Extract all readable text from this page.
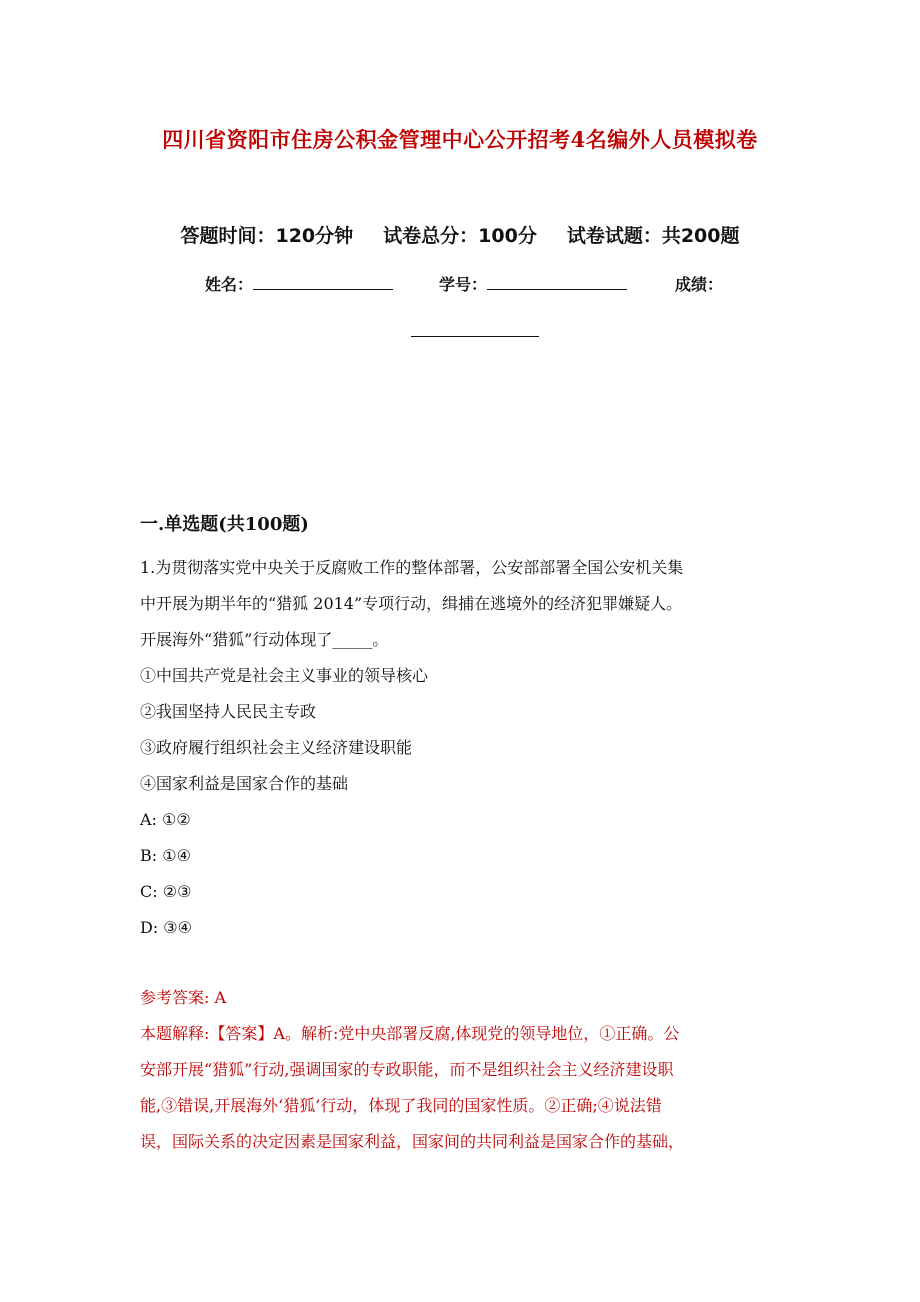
四川省资阳市住房公积金管理中心公开招考4名编外人员模拟卷
答题时间：120分钟 试卷总分：100分 试卷试题：共200题
姓名：	学号：	成绩：
一.单选题(共100题)
1.为贯彻落实党中央关于反腐败工作的整体部署，公安部部署全国公安机关集
中开展为期半年的“猎狐 2014”专项行动，缉捕在逃境外的经济犯罪嫌疑人。
开展海外“猎狐”行动体现了_____。
①中国共产党是社会主义事业的领导核心
②我国坚持人民民主专政
③政府履行组织社会主义经济建设职能
④国家利益是国家合作的基础
A: ①②
B: ①④
C: ②③
D: ③④
参考答案: A
本题解释:【答案】A。解析:党中央部署反腐,体现党的领导地位，①正确。公
安部开展“猎狐”行动,强调国家的专政职能，而不是组织社会主义经济建设职
能,③错误,开展海外‘猎狐’行动，体现了我同的国家性质。②正确;④说法错
误，国际关系的决定因素是国家利益，国家间的共同利益是国家合作的基础，
